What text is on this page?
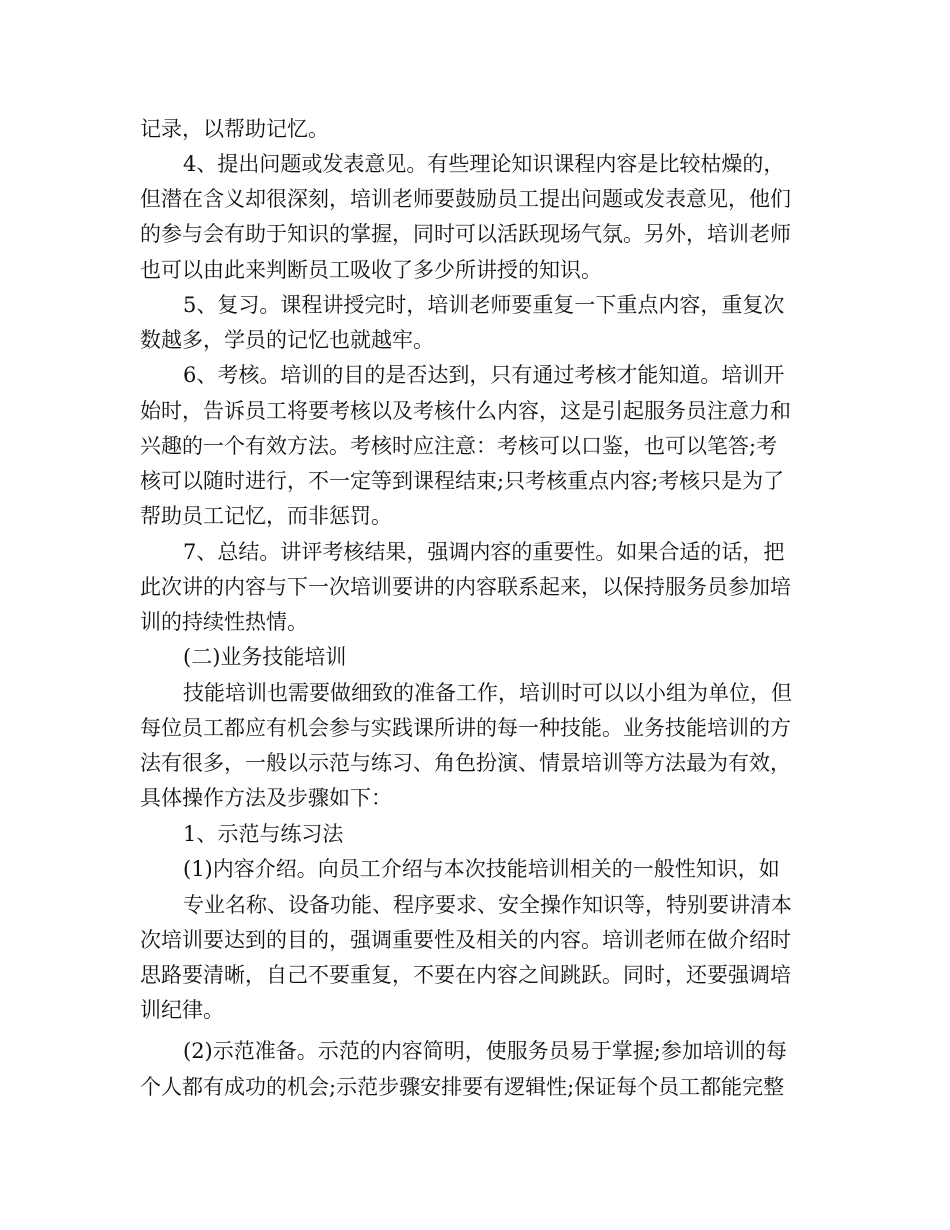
记录，以帮助记忆。
4、提出问题或发表意见。有些理论知识课程内容是比较枯燥的，
但潜在含义却很深刻，培训老师要鼓励员工提出问题或发表意见，他们
的参与会有助于知识的掌握，同时可以活跃现场气氛。另外，培训老师
也可以由此来判断员工吸收了多少所讲授的知识。
5、复习。课程讲授完时，培训老师要重复一下重点内容，重复次
数越多，学员的记忆也就越牢。
6、考核。培训的目的是否达到，只有通过考核才能知道。培训开
始时，告诉员工将要考核以及考核什么内容，这是引起服务员注意力和
兴趣的一个有效方法。考核时应注意：考核可以口鉴，也可以笔答;考
核可以随时进行，不一定等到课程结束;只考核重点内容;考核只是为了
帮助员工记忆，而非惩罚。
7、总结。讲评考核结果，强调内容的重要性。如果合适的话，把
此次讲的内容与下一次培训要讲的内容联系起来，以保持服务员参加培
训的持续性热情。
(二)业务技能培训
技能培训也需要做细致的准备工作，培训时可以以小组为单位，但
每位员工都应有机会参与实践课所讲的每一种技能。业务技能培训的方
法有很多，一般以示范与练习、角色扮演、情景培训等方法最为有效，
具体操作方法及步骤如下：
1、示范与练习法
(1)内容介绍。向员工介绍与本次技能培训相关的一般性知识，如
专业名称、设备功能、程序要求、安全操作知识等，特别要讲清本
次培训要达到的目的，强调重要性及相关的内容。培训老师在做介绍时
思路要清晰，自己不要重复，不要在内容之间跳跃。同时，还要强调培
训纪律。
(2)示范准备。示范的内容简明，使服务员易于掌握;参加培训的每
个人都有成功的机会;示范步骤安排要有逻辑性;保证每个员工都能完整
